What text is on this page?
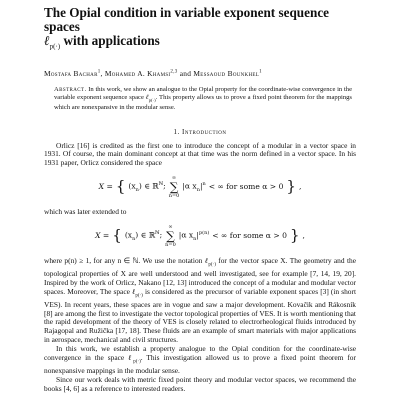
The Opial condition in variable exponent sequence spaces
ℓ$_{p(\cdot)}$ with applications
Mostafa Bachar$^1$, Mohamed A. Khamsi$^{2,3}$ and Messaoud Bounkhel$^1$
Abstract. In this work, we show an analogue to the Opial property for the coordinate-wise convergence in the variable exponent sequence space ℓ$_{p(\cdot)}$. This property allows us to prove a fixed point theorem for the mappings which are nonexpansive in the modular sense.
1. Introduction

Orlicz [16] is credited as the first one to introduce the concept of a modular in a vector space in 1931. Of course, the main dominant concept at that time was the norm defined in a vector space. In his 1931 paper, Orlicz considered the space

X = { $(x_n)$ ∈ ℝ$^ℕ$;
∞
∑
n=0
|α $x_n|^n$ < ∞ for some α > 0 } ,

which was later extended to

X = { $(x_n)$ ∈ ℝ$^ℕ$;
∞
∑
n=0
|α $x_n|^{p(n)}$ < ∞ for some α > 0 } ,

where p(n) ≥ 1, for any n ∈ ℕ. We use the notation ℓ$_{p(\cdot)}$ for the vector space X. The geometry and the topological properties of X are well understood and well investigated, see for example [7, 14, 19, 20]. Inspired by the work of Orlicz, Nakano [12, 13] introduced the concept of a modular and modular vector spaces. Moreover, The space ℓ$_{p(\cdot)}$ is considered as the precursor of variable exponent spaces [3] (in short VES). In recent years, these spaces are in vogue and saw a major development. Kovačik and Rákosník [8] are among the first to investigate the vector topological properties of VES. It is worth mentioning that the rapid development of the theory of VES is closely related to electrorheological fluids introduced by Rajagopal and Ružička [17, 18]. These fluids are an example of smart materials with major applications in aerospace, mechanical and civil structures.

In this work, we establish a property analogue to the Opial condition for the coordinate-wise convergence in the space ℓ$_{p(\cdot)}$. This investigation allowed us to prove a fixed point theorem for nonexpansive mappings in the modular sense.

Since our work deals with metric fixed point theory and modular vector spaces, we recommend the books [4, 6] as a reference to interested readers.
